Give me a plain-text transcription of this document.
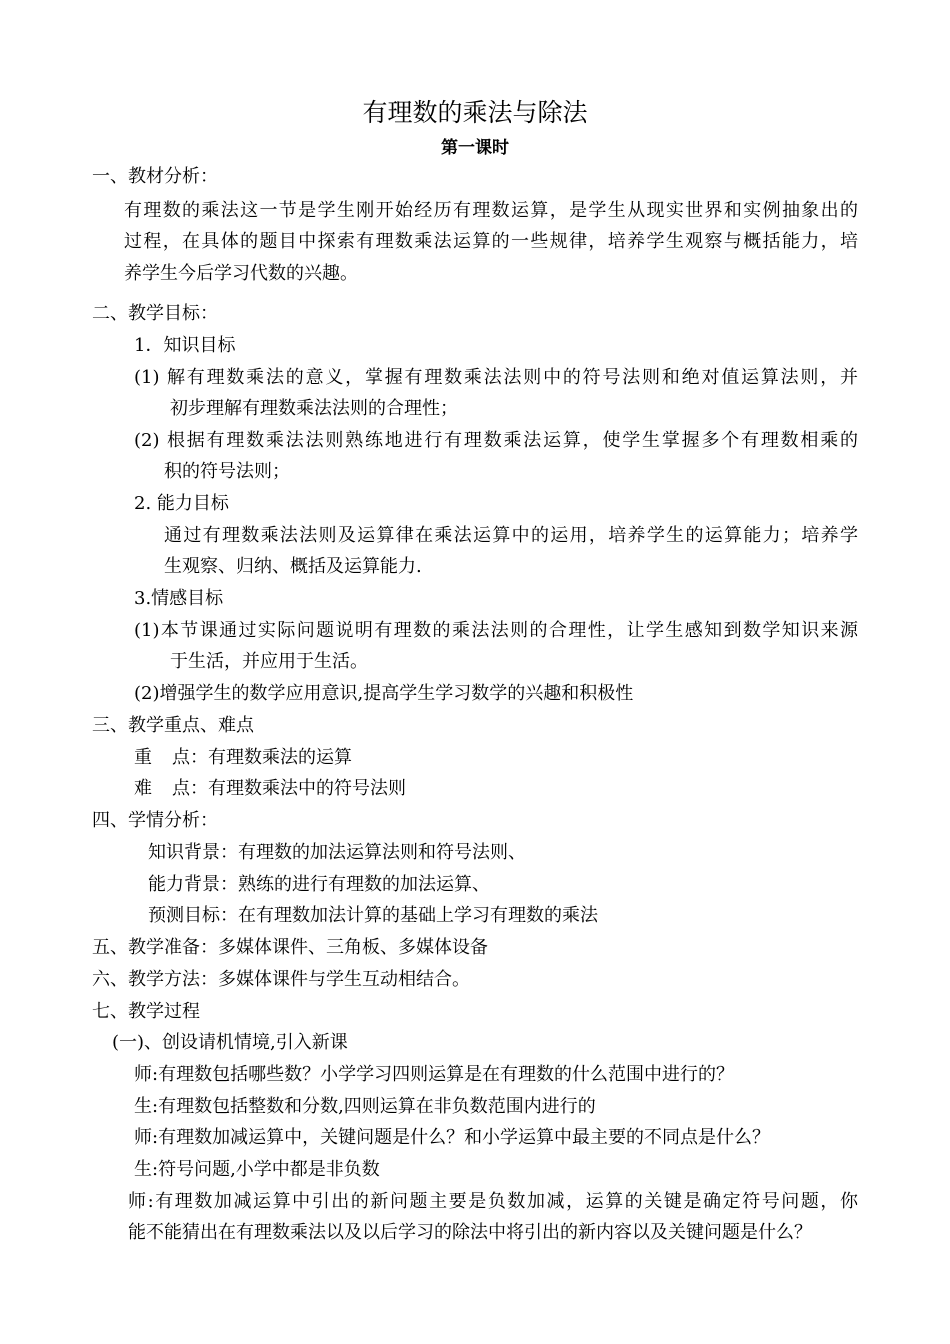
有理数的乘法与除法
第一课时
一、教材分析：
有理数的乘法这一节是学生刚开始经历有理数运算，是学生从现实世界和实例抽象出的
过程，在具体的题目中探索有理数乘法运算的一些规律，培养学生观察与概括能力，培
养学生今后学习代数的兴趣。
二、教学目标：
1．知识目标
(1) 解有理数乘法的意义，掌握有理数乘法法则中的符号法则和绝对值运算法则，并
初步理解有理数乘法法则的合理性；
(2) 根据有理数乘法法则熟练地进行有理数乘法运算，使学生掌握多个有理数相乘的
积的符号法则；
2. 能力目标
通过有理数乘法法则及运算律在乘法运算中的运用，培养学生的运算能力；培养学
生观察、归纳、概括及运算能力.
3.情感目标
(1)本节课通过实际问题说明有理数的乘法法则的合理性，让学生感知到数学知识来源
于生活，并应用于生活。
(2)增强学生的数学应用意识,提高学生学习数学的兴趣和积极性
三、教学重点、难点
重点：有理数乘法的运算
难点：有理数乘法中的符号法则
四、学情分析：
知识背景：有理数的加法运算法则和符号法则、
能力背景：熟练的进行有理数的加法运算、
预测目标：在有理数加法计算的基础上学习有理数的乘法
五、教学准备：多媒体课件、三角板、多媒体设备
六、教学方法：多媒体课件与学生互动相结合。
七、教学过程
(一)、创设请机情境,引入新课
师:有理数包括哪些数？小学学习四则运算是在有理数的什么范围中进行的？
生:有理数包括整数和分数,四则运算在非负数范围内进行的
师:有理数加减运算中，关键问题是什么？和小学运算中最主要的不同点是什么？
生:符号问题,小学中都是非负数
师:有理数加减运算中引出的新问题主要是负数加减，运算的关键是确定符号问题，你
能不能猜出在有理数乘法以及以后学习的除法中将引出的新内容以及关键问题是什么？
